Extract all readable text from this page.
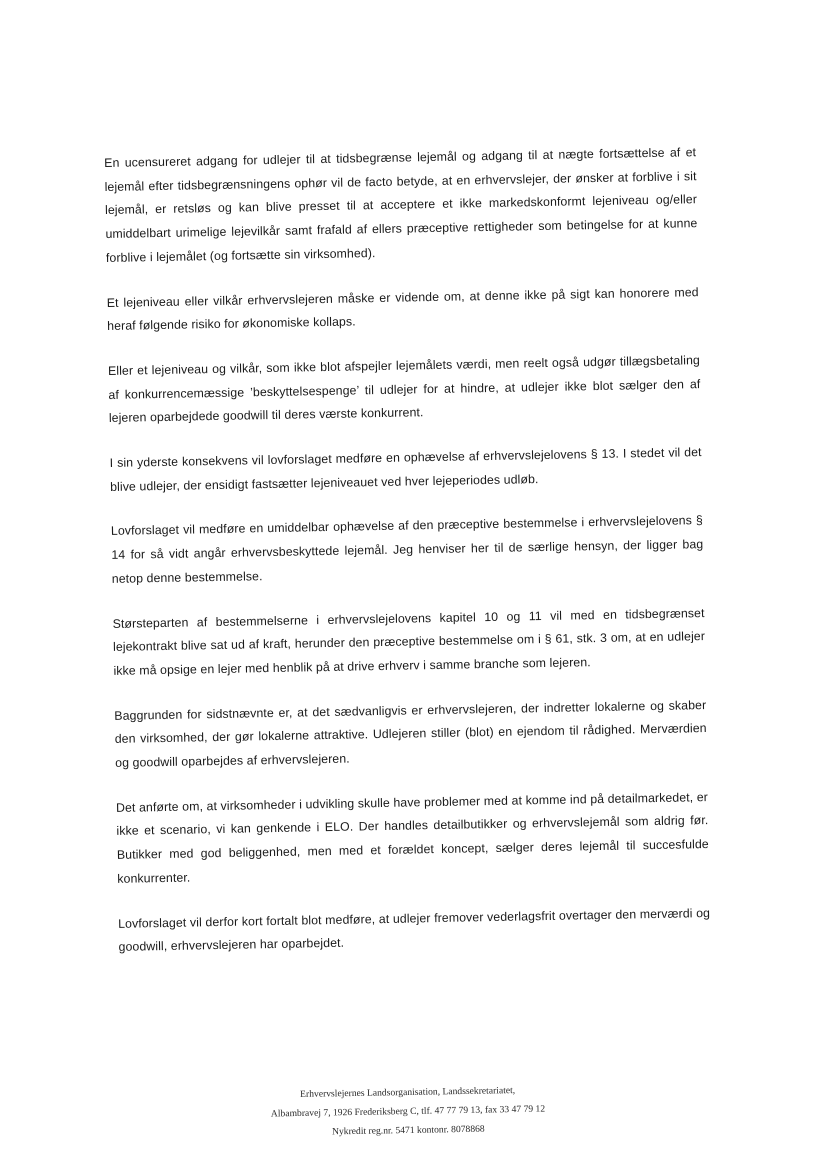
En ucensureret adgang for udlejer til at tidsbegrænse lejemål og adgang til at nægte fortsættelse af et lejemål efter tidsbegrænsningens ophør vil de facto betyde, at en erhvervslejer, der ønsker at forblive i sit lejemål, er retsløs og kan blive presset til at acceptere et ikke markedskonformt lejeniveau og/eller umiddelbart urimelige lejevilkår samt frafald af ellers præceptive rettigheder som betingelse for at kunne forblive i lejemålet (og fortsætte sin virksomhed).

Et lejeniveau eller vilkår erhvervslejeren måske er vidende om, at denne ikke på sigt kan honorere med heraf følgende risiko for økonomiske kollaps.

Eller et lejeniveau og vilkår, som ikke blot afspejler lejemålets værdi, men reelt også udgør tillægsbetaling af konkurrencemæssige ’beskyttelsespenge’ til udlejer for at hindre, at udlejer ikke blot sælger den af lejeren oparbejdede goodwill til deres værste konkurrent.

I sin yderste konsekvens vil lovforslaget medføre en ophævelse af erhvervslejelovens § 13. I stedet vil det blive udlejer, der ensidigt fastsætter lejeniveauet ved hver lejeperiodes udløb.

Lovforslaget vil medføre en umiddelbar ophævelse af den præceptive bestemmelse i erhvervslejelovens § 14 for så vidt angår erhvervsbeskyttede lejemål. Jeg henviser her til de særlige hensyn, der ligger bag netop denne bestemmelse.

Størsteparten af bestemmelserne i erhvervslejelovens kapitel 10 og 11 vil med en tidsbegrænset lejekontrakt blive sat ud af kraft, herunder den præceptive bestemmelse om i § 61, stk. 3 om, at en udlejer ikke må opsige en lejer med henblik på at drive erhverv i samme branche som lejeren.

Baggrunden for sidstnævnte er, at det sædvanligvis er erhvervslejeren, der indretter lokalerne og skaber den virksomhed, der gør lokalerne attraktive. Udlejeren stiller (blot) en ejendom til rådighed. Merværdien og goodwill oparbejdes af erhvervslejeren.

Det anførte om, at virksomheder i udvikling skulle have problemer med at komme ind på detailmarkedet, er ikke et scenario, vi kan genkende i ELO. Der handles detailbutikker og erhvervslejemål som aldrig før. Butikker med god beliggenhed, men med et forældet koncept, sælger deres lejemål til succesfulde konkurrenter.

Lovforslaget vil derfor kort fortalt blot medføre, at udlejer fremover vederlagsfrit overtager den merværdi og goodwill, erhvervslejeren har oparbejdet.

Erhvervslejernes Landsorganisation, Landssekretariatet,
Albambravej 7, 1926 Frederiksberg C, tlf. 47 77 79 13, fax 33 47 79 12
Nykredit reg.nr. 5471 kontonr. 8078868
